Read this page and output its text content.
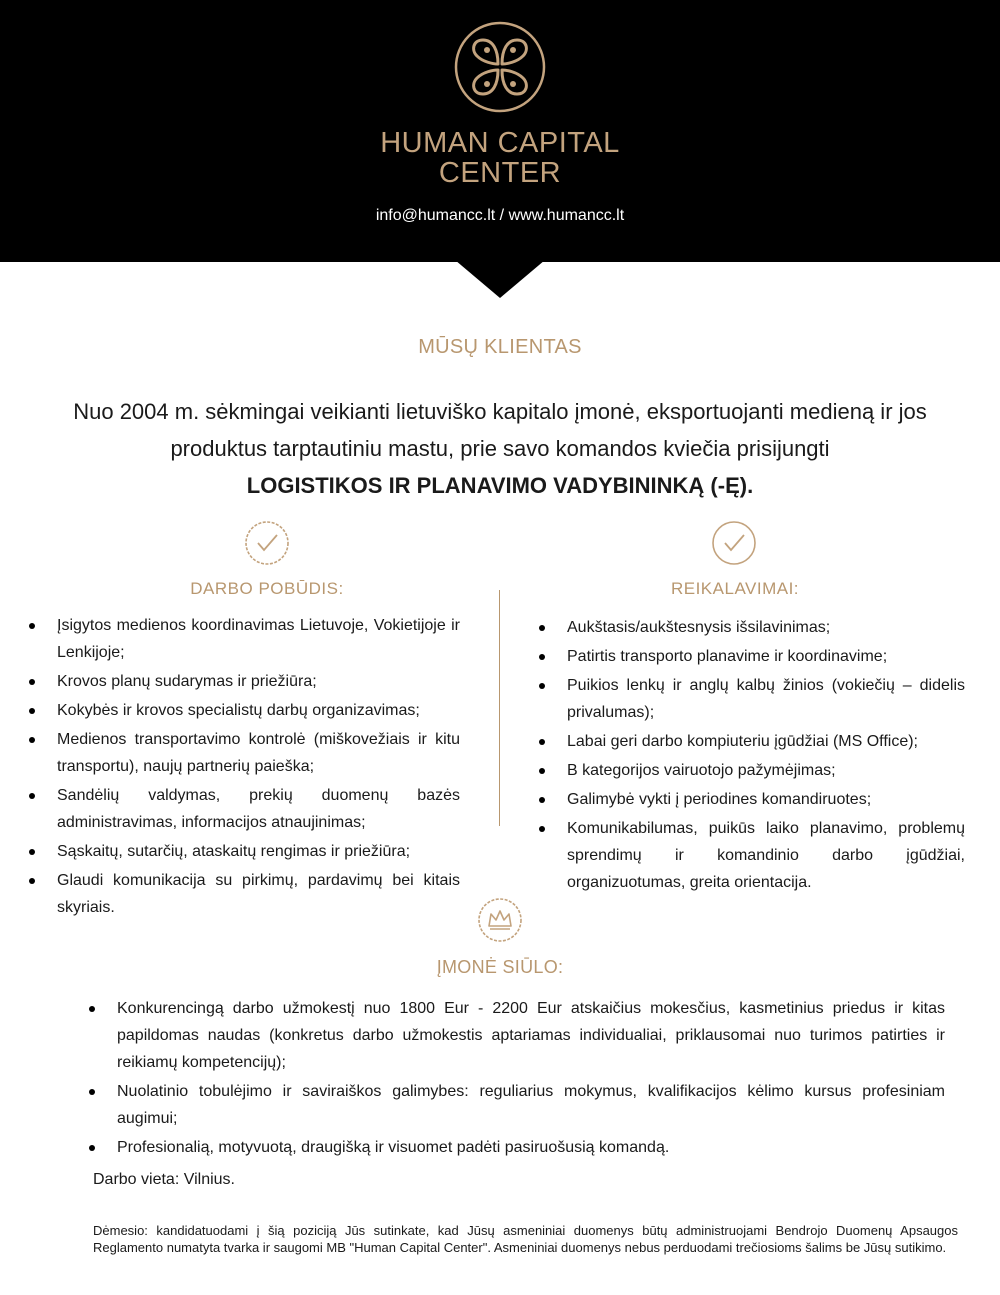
HUMAN CAPITAL
CENTER
info@humancc.lt / www.humancc.lt
MŪSŲ KLIENTAS
Nuo 2004 m. sėkmingai veikianti lietuviško kapitalo įmonė, eksportuojanti medieną ir jos produktus tarptautiniu mastu, prie savo komandos kviečia prisijungti
LOGISTIKOS IR PLANAVIMO VADYBININKĄ (-Ę).
DARBO POBŪDIS:	REIKALAVIMAI:
Įsigytos medienos koordinavimas Lietuvoje, Vokietijoje ir Lenkijoje;
Krovos planų sudarymas ir priežiūra;
Kokybės ir krovos specialistų darbų organizavimas;
Medienos transportavimo kontrolė (miškovežiais ir kitu transportu), naujų partnerių paieška;
Sandėlių valdymas, prekių duomenų bazės administravimas, informacijos atnaujinimas;
Sąskaitų, sutarčių, ataskaitų rengimas ir priežiūra;
Glaudi komunikacija su pirkimų, pardavimų bei kitais skyriais.
Aukštasis/aukštesnysis išsilavinimas;
Patirtis transporto planavime ir koordinavime;
Puikios lenkų ir anglų kalbų žinios (vokiečių – didelis privalumas);
Labai geri darbo kompiuteriu įgūdžiai (MS Office);
B kategorijos vairuotojo pažymėjimas;
Galimybė vykti į periodines komandiruotes;
Komunikabilumas, puikūs laiko planavimo, problemų sprendimų ir komandinio darbo įgūdžiai, organizuotumas, greita orientacija.
ĮMONĖ SIŪLO:
Konkurencingą darbo užmokestį nuo 1800 Eur - 2200 Eur atskaičius mokesčius, kasmetinius priedus ir kitas papildomas naudas (konkretus darbo užmokestis aptariamas individualiai, priklausomai nuo turimos patirties ir reikiamų kompetencijų);
Nuolatinio tobulėjimo ir saviraiškos galimybes: reguliarius mokymus, kvalifikacijos kėlimo kursus profesiniam augimui;
Profesionalią, motyvuotą, draugišką ir visuomet padėti pasiruošusią komandą.
Darbo vieta: Vilnius.
Dėmesio: kandidatuodami į šią poziciją Jūs sutinkate, kad Jūsų asmeniniai duomenys būtų administruojami Bendrojo Duomenų Apsaugos Reglamento numatyta tvarka ir saugomi MB "Human Capital Center". Asmeniniai duomenys nebus perduodami trečiosioms šalims be Jūsų sutikimo.
